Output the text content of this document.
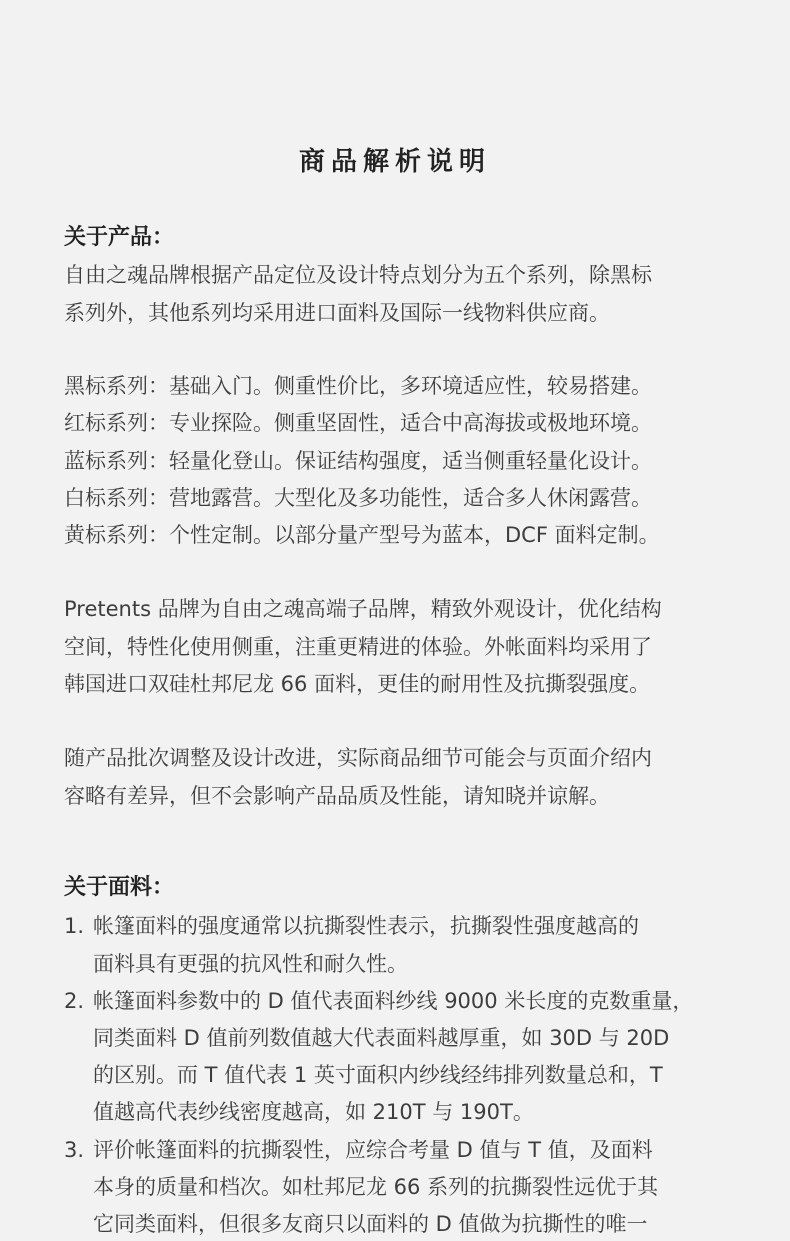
商品解析说明
关于产品：
自由之魂品牌根据产品定位及设计特点划分为五个系列，除黑标
系列外，其他系列均采用进口面料及国际一线物料供应商。
黑标系列：基础入门。侧重性价比，多环境适应性，较易搭建。
红标系列：专业探险。侧重坚固性，适合中高海拔或极地环境。
蓝标系列：轻量化登山。保证结构强度，适当侧重轻量化设计。
白标系列：营地露营。大型化及多功能性，适合多人休闲露营。
黄标系列：个性定制。以部分量产型号为蓝本，DCF 面料定制。
Pretents 品牌为自由之魂高端子品牌，精致外观设计，优化结构
空间，特性化使用侧重，注重更精进的体验。外帐面料均采用了
韩国进口双硅杜邦尼龙 66 面料，更佳的耐用性及抗撕裂强度。
随产品批次调整及设计改进，实际商品细节可能会与页面介绍内
容略有差异，但不会影响产品品质及性能，请知晓并谅解。
关于面料：
1. 帐篷面料的强度通常以抗撕裂性表示，抗撕裂性强度越高的
面料具有更强的抗风性和耐久性。
2. 帐篷面料参数中的 D 值代表面料纱线 9000 米长度的克数重量，
同类面料 D 值前列数值越大代表面料越厚重，如 30D 与 20D
的区别。而 T 值代表 1 英寸面积内纱线经纬排列数量总和，T
值越高代表纱线密度越高，如 210T 与 190T。
3. 评价帐篷面料的抗撕裂性，应综合考量 D 值与 T 值，及面料
本身的质量和档次。如杜邦尼龙 66 系列的抗撕裂性远优于其
它同类面料，但很多友商只以面料的 D 值做为抗撕性的唯一
